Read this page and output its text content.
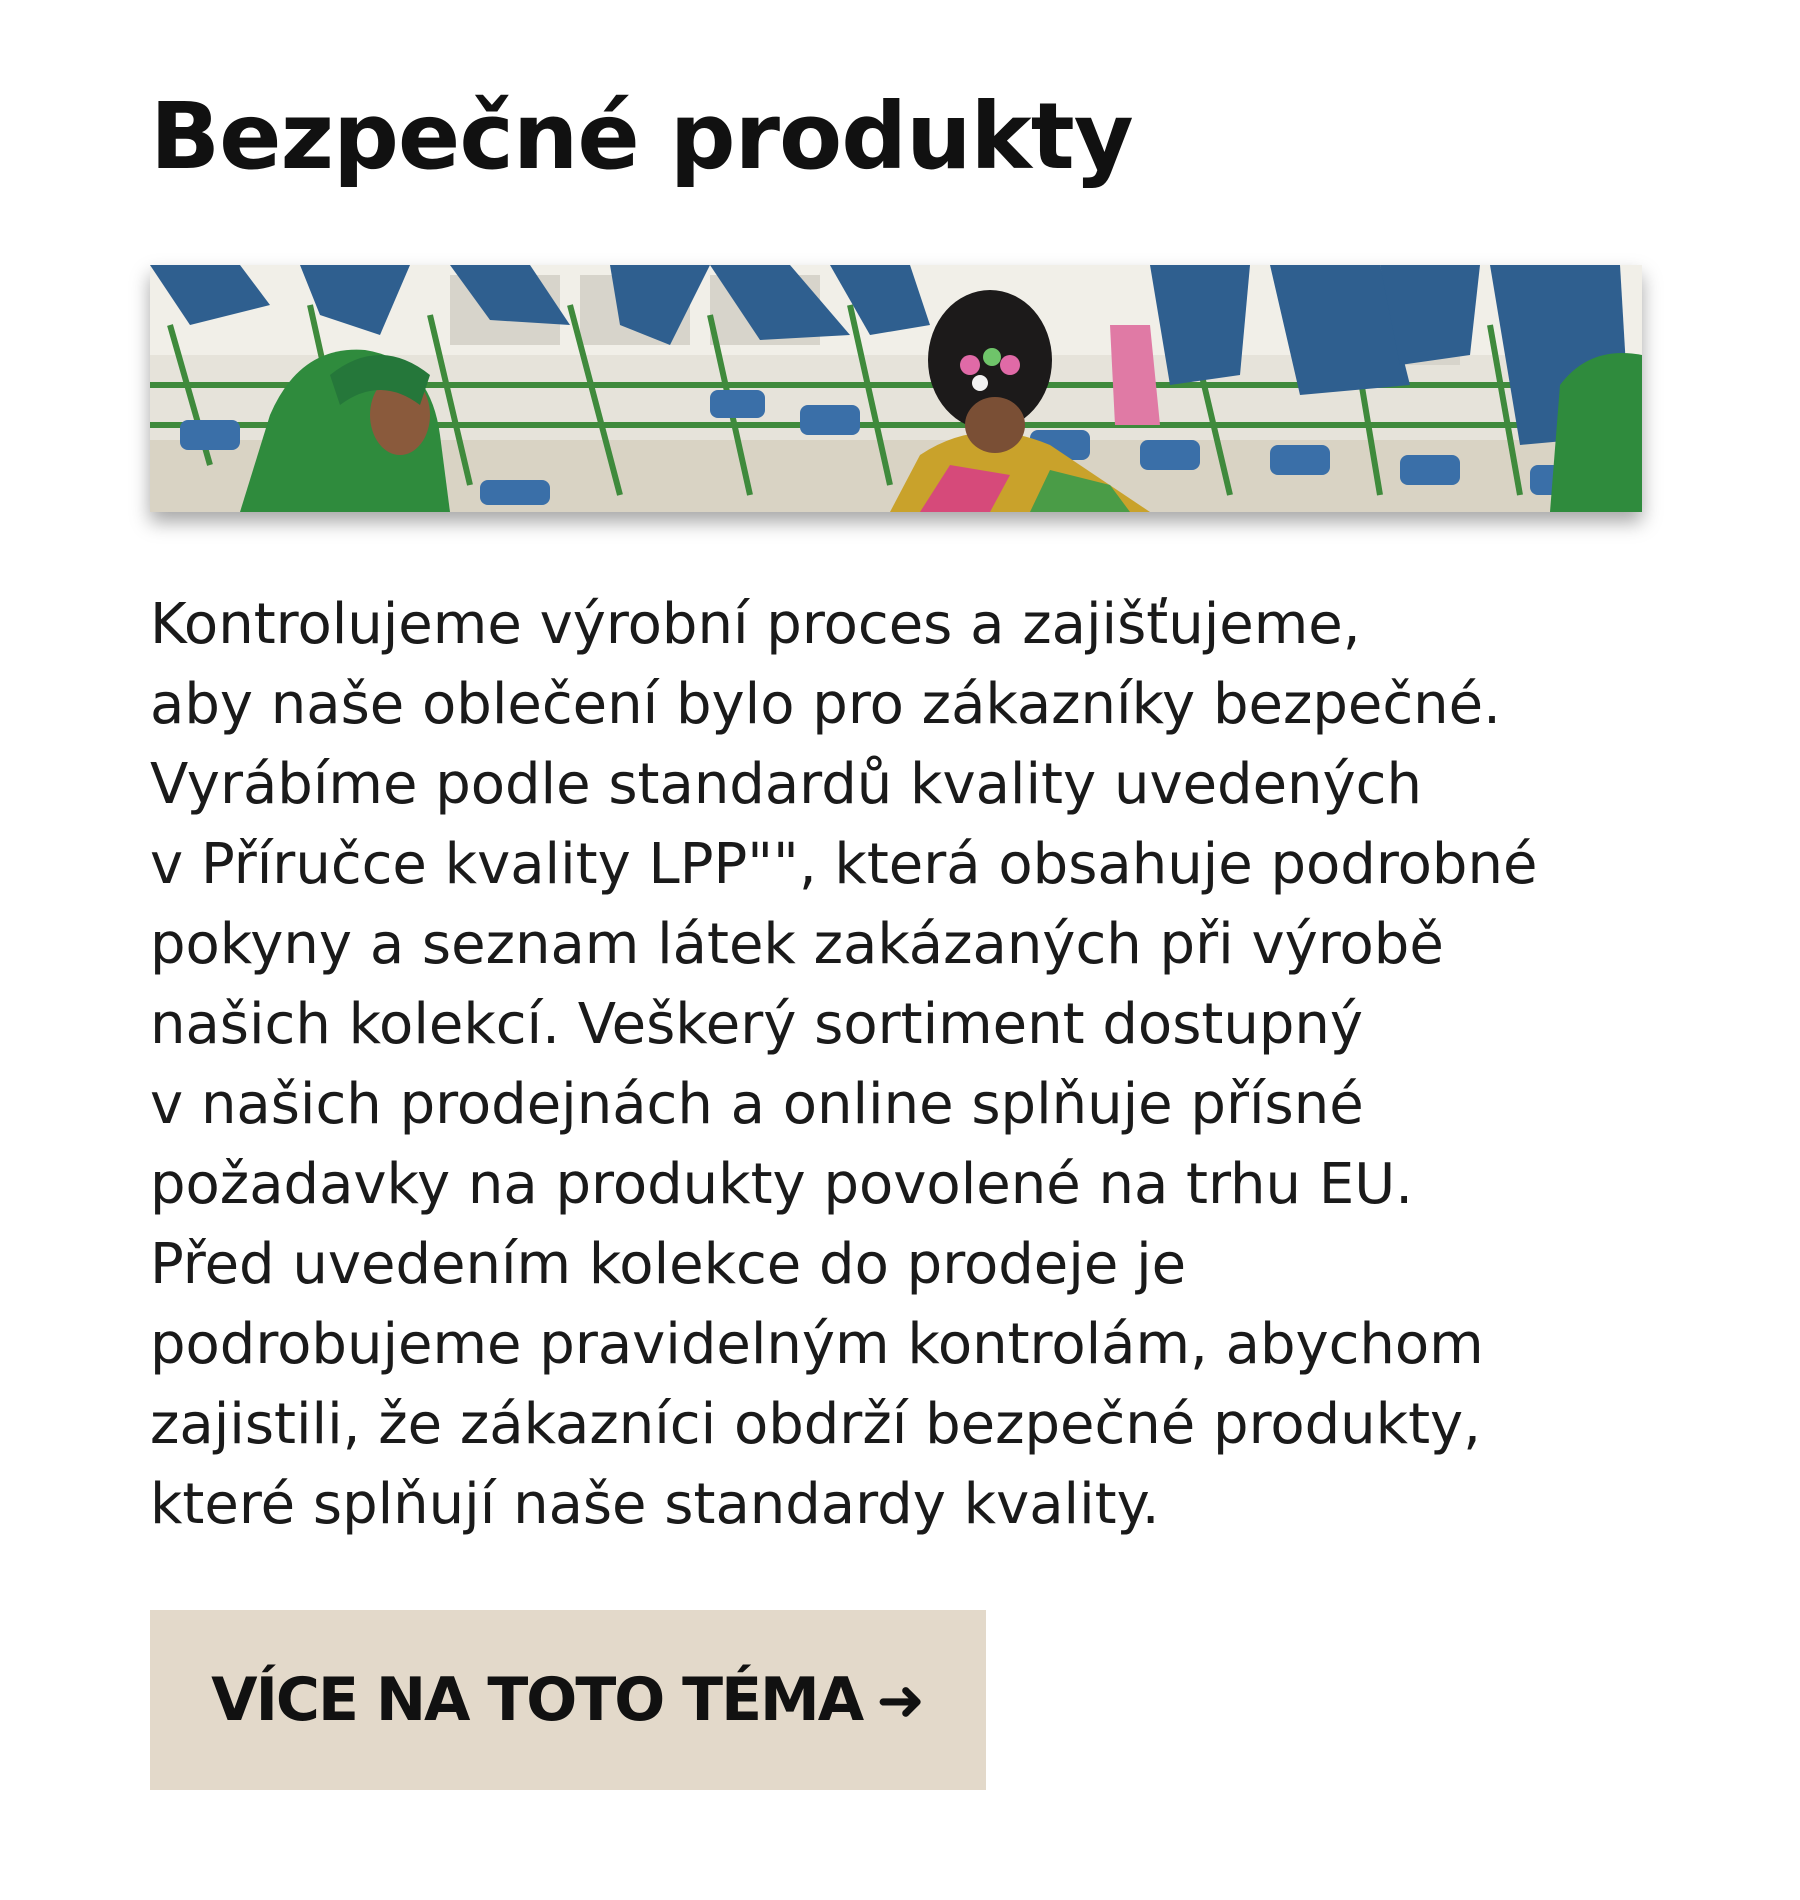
Bezpečné produkty

Kontrolujeme výrobní proces a zajišťujeme,
aby naše oblečení bylo pro zákazníky bezpečné.
Vyrábíme podle standardů kvality uvedených
v Příručce kvality LPP"", která obsahuje podrobné
pokyny a seznam látek zakázaných při výrobě
našich kolekcí. Veškerý sortiment dostupný
v našich prodejnách a online splňuje přísné
požadavky na produkty povolené na trhu EU.
Před uvedením kolekce do prodeje je
podrobujeme pravidelným kontrolám, abychom
zajistili, že zákazníci obdrží bezpečné produkty,
které splňují naše standardy kvality.

VÍCE NA TOTO TÉMA ➜
